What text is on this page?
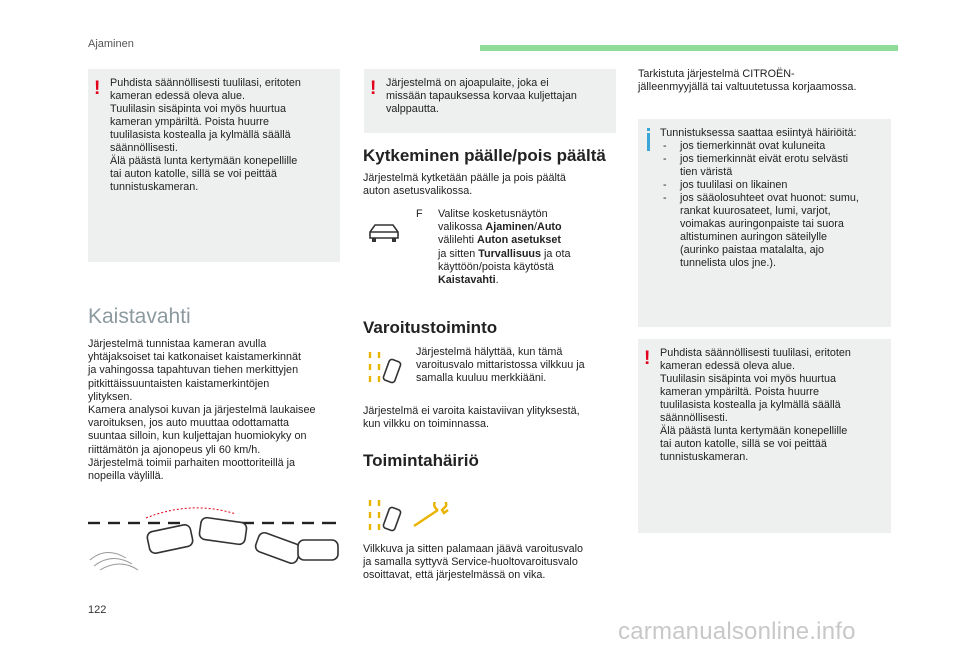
Ajaminen
! Puhdista säännöllisesti tuulilasi, eritoten
kameran edessä oleva alue.
Tuulilasin sisäpinta voi myös huurtua
kameran ympäriltä. Poista huurre
tuulilasista kostealla ja kylmällä säällä
säännöllisesti.
Älä päästä lunta kertymään konepellille
tai auton katolle, sillä se voi peittää
tunnistuskameran.
Kaistavahti
Järjestelmä tunnistaa kameran avulla
yhtäjaksoiset tai katkonaiset kaistamerkinnät
ja vahingossa tapahtuvan tiehen merkittyjen
pitkittäissuuntaisten kaistamerkintöjen
ylityksen.
Kamera analysoi kuvan ja järjestelmä laukaisee
varoituksen, jos auto muuttaa odottamatta
suuntaa silloin, kun kuljettajan huomiokyky on
riittämätön ja ajonopeus yli 60 km/h.
Järjestelmä toimii parhaiten moottoriteillä ja
nopeilla väylillä.
! Järjestelmä on ajoapulaite, joka ei
missään tapauksessa korvaa kuljettajan
valppautta.
Kytkeminen päälle/pois päältä
Järjestelmä kytketään päälle ja pois päältä
auton asetusvalikossa.
F Valitse kosketusnäytön
valikossa Ajaminen/Auto
välilehti Auton asetukset
ja sitten Turvallisuus ja ota
käyttöön/poista käytöstä
Kaistavahti.
Varoitustoiminto
Järjestelmä hälyttää, kun tämä
varoitusvalo mittaristossa vilkkuu ja
samalla kuuluu merkkiääni.
Järjestelmä ei varoita kaistaviivan ylityksestä,
kun vilkku on toiminnassa.
Toimintahäiriö
Vilkkuva ja sitten palamaan jäävä varoitusvalo
ja samalla syttyvä Service-huoltovaroitusvalo
osoittavat, että järjestelmässä on vika.
Tarkistuta järjestelmä CITROËN-
jälleenmyyjällä tai valtuutetussa korjaamossa.
Tunnistuksessa saattaa esiintyä häiriöitä:
- jos tiemerkinnät ovat kuluneita
- jos tiemerkinnät eivät erotu selvästi
tien väristä
- jos tuulilasi on likainen
- jos sääolosuhteet ovat huonot: sumu,
rankat kuurosateet, lumi, varjot,
voimakas auringonpaiste tai suora
altistuminen auringon säteilylle
(aurinko paistaa matalalta, ajo
tunnelista ulos jne.).
! Puhdista säännöllisesti tuulilasi, eritoten
kameran edessä oleva alue.
Tuulilasin sisäpinta voi myös huurtua
kameran ympäriltä. Poista huurre
tuulilasista kostealla ja kylmällä säällä
säännöllisesti.
Älä päästä lunta kertymään konepellille
tai auton katolle, sillä se voi peittää
tunnistuskameran.
122
carmanualsonline.info
